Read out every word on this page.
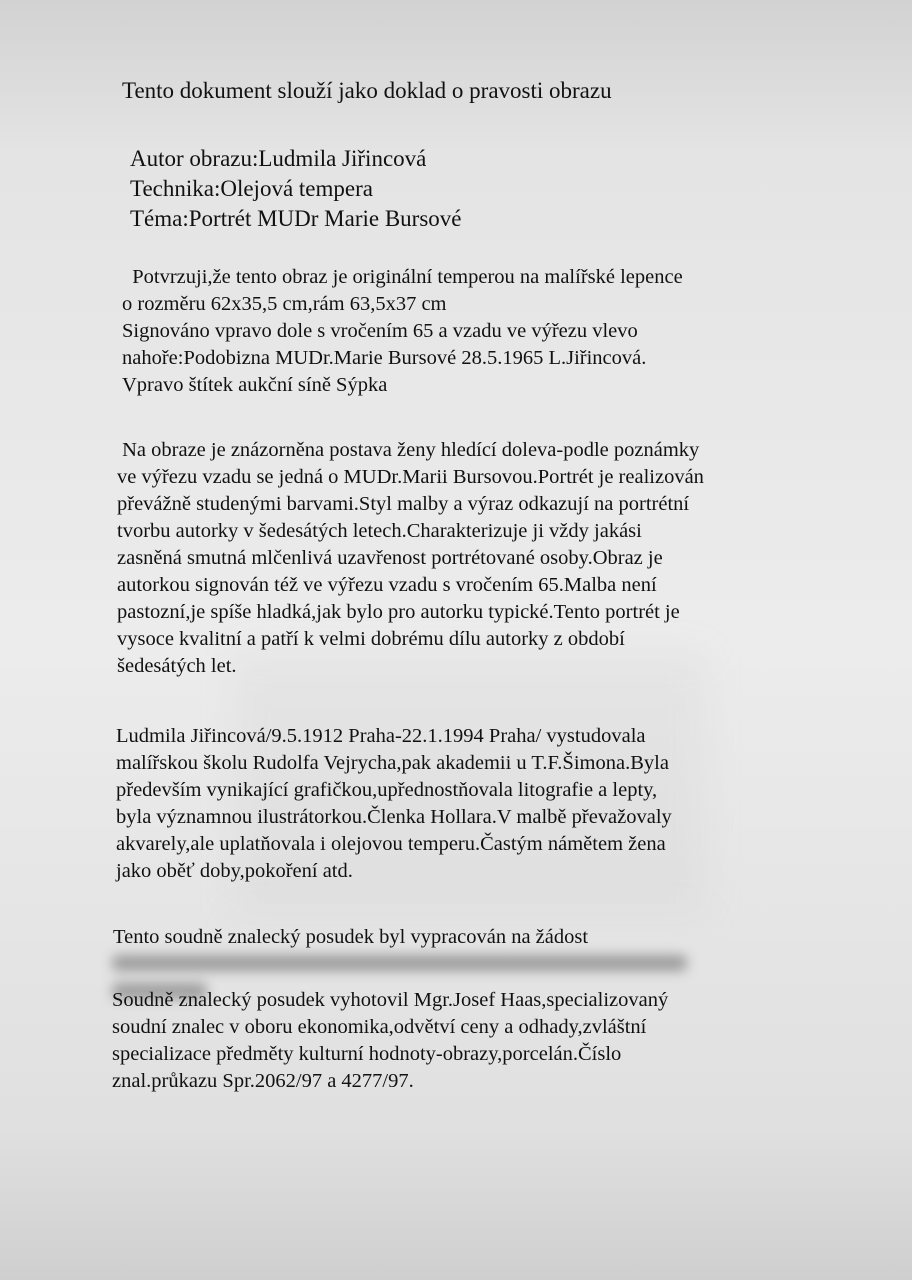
Tento dokument slouží jako doklad o pravosti obrazu
Autor obrazu:Ludmila Jiřincová
Technika:Olejová tempera
Téma:Portrét MUDr Marie Bursové

Potvrzuji,že tento obraz je originální temperou na malířské lepence
o rozměru 62x35,5 cm,rám 63,5x37 cm
Signováno vpravo dole s vročením 65 a vzadu ve výřezu vlevo
nahoře:Podobizna MUDr.Marie Bursové 28.5.1965 L.Jiřincová.
Vpravo štítek aukční síně Sýpka

Na obraze je znázorněna postava ženy hledící doleva-podle poznámky
ve výřezu vzadu se jedná o MUDr.Marii Bursovou.Portrét je realizován
převážně studenými barvami.Styl malby a výraz odkazují na portrétní
tvorbu autorky v šedesátých letech.Charakterizuje ji vždy jakási
zasněná smutná mlčenlivá uzavřenost portrétované osoby.Obraz je
autorkou signován též ve výřezu vzadu s vročením 65.Malba není
pastozní,je spíše hladká,jak bylo pro autorku typické.Tento portrét je
vysoce kvalitní a patří k velmi dobrému dílu autorky z období
šedesátých let.

Ludmila Jiřincová/9.5.1912 Praha-22.1.1994 Praha/ vystudovala
malířskou školu Rudolfa Vejrycha,pak akademii u T.F.Šimona.Byla
především vynikající grafičkou,upřednostňovala litografie a lepty,
byla významnou ilustrátorkou.Členka Hollara.V malbě převažovaly
akvarely,ale uplatňovala i olejovou temperu.Častým námětem žena
jako oběť doby,pokoření atd.

Tento soudně znalecký posudek byl vypracován na žádost

Soudně znalecký posudek vyhotovil Mgr.Josef Haas,specializovaný
soudní znalec v oboru ekonomika,odvětví ceny a odhady,zvláštní
specializace předměty kulturní hodnoty-obrazy,porcelán.Číslo
znal.průkazu Spr.2062/97 a 4277/97.
